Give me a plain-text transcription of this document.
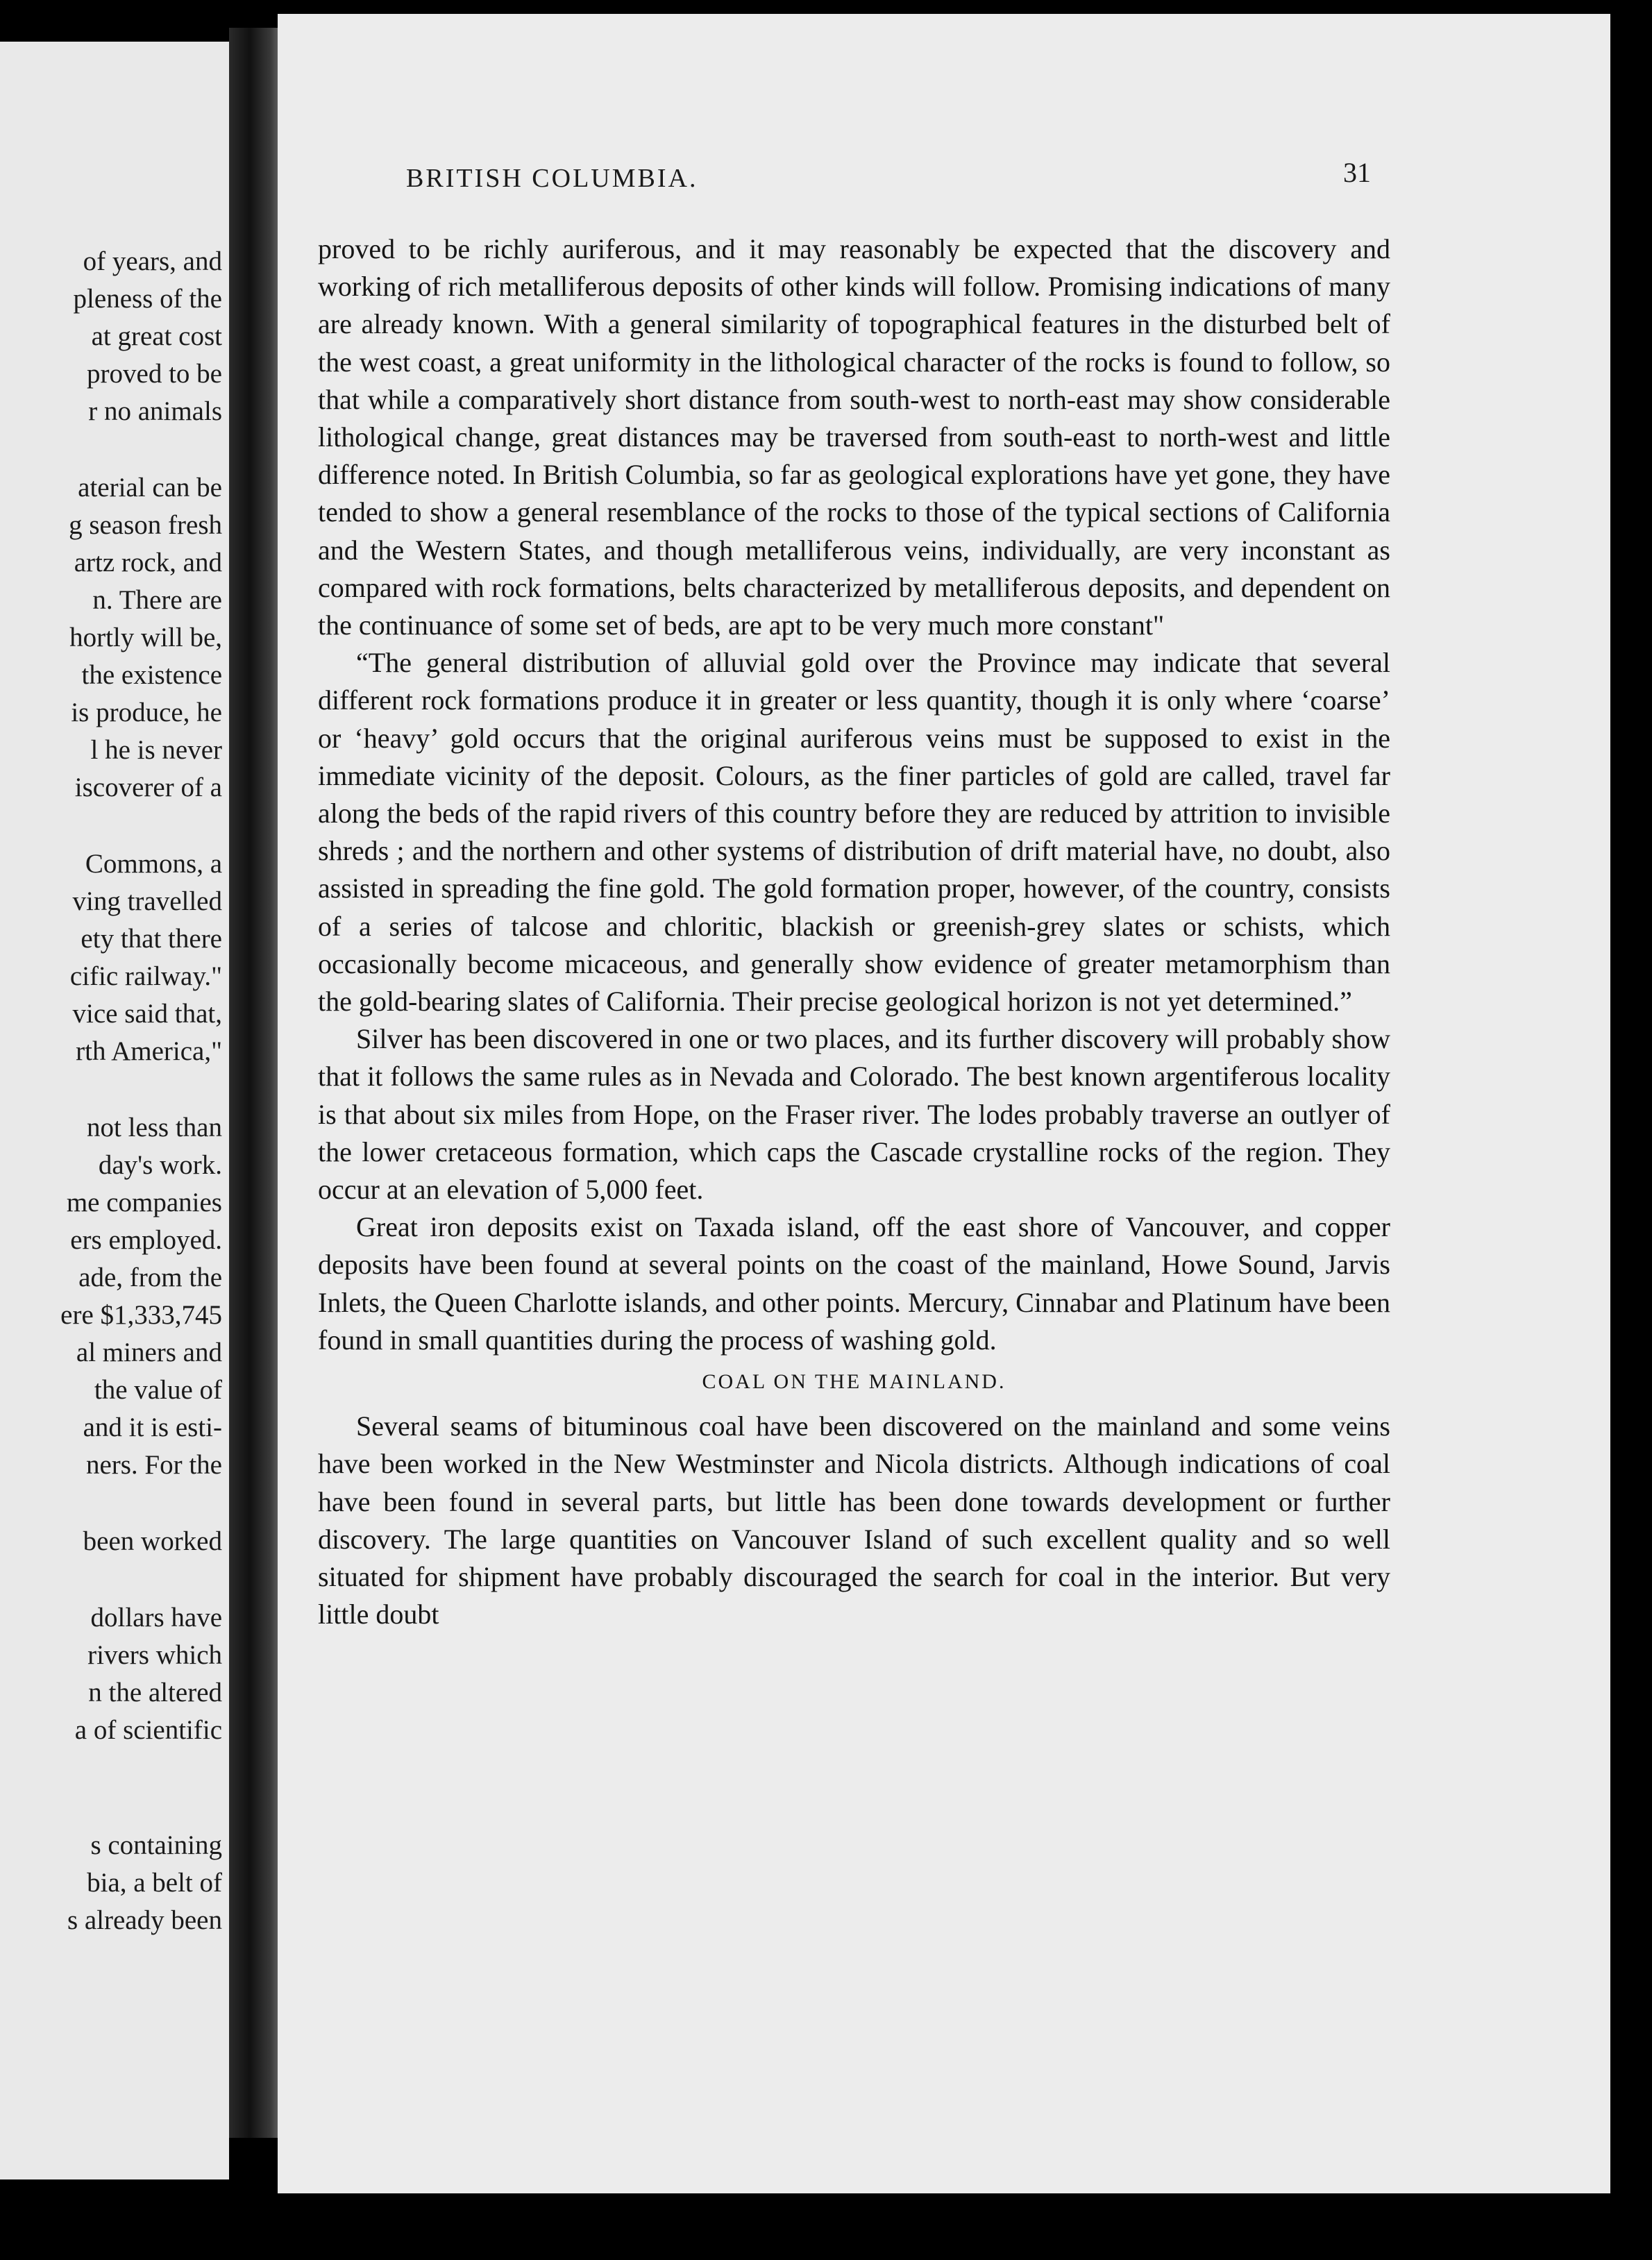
of years, and
pleness of the
at great cost
proved to be
r no animals
aterial can be
g season fresh
artz rock, and
n. There are
hortly will be,
the existence
is produce, he
l he is never
iscoverer of a
Commons, a
ving travelled
ety that there
cific railway."
vice said that,
rth America,"
not less than
day's work.
me companies
ers employed.
ade, from the
ere $1,333,745
al miners and
the value of
and it is esti-
ners. For the
been worked
dollars have
rivers which
n the altered
a of scientific
s containing
bia, a belt of
s already been
BRITISH COLUMBIA.	31

proved to be richly auriferous, and it may reasonably be expected that the discovery and working of rich metalliferous deposits of other kinds will follow. Promising indications of many are already known. With a general similarity of topographical features in the disturbed belt of the west coast, a great uniformity in the lithological character of the rocks is found to follow, so that while a comparatively short distance from south-west to north-east may show considerable lithological change, great distances may be traversed from south-east to north-west and little difference noted. In British Columbia, so far as geological explorations have yet gone, they have tended to show a general resemblance of the rocks to those of the typical sections of California and the Western States, and though metalliferous veins, individually, are very inconstant as compared with rock formations, belts characterized by metalliferous deposits, and dependent on the continuance of some set of beds, are apt to be very much more constant"

“The general distribution of alluvial gold over the Province may indicate that several different rock formations produce it in greater or less quantity, though it is only where ‘coarse’ or ‘heavy’ gold occurs that the original auriferous veins must be supposed to exist in the immediate vicinity of the deposit. Colours, as the finer particles of gold are called, travel far along the beds of the rapid rivers of this country before they are reduced by attrition to invisible shreds ; and the northern and other systems of distribution of drift material have, no doubt, also assisted in spreading the fine gold. The gold formation proper, however, of the country, consists of a series of talcose and chloritic, blackish or greenish-grey slates or schists, which occasionally become micaceous, and generally show evidence of greater metamorphism than the gold-bearing slates of California. Their precise geological horizon is not yet determined.”

Silver has been discovered in one or two places, and its further discovery will probably show that it follows the same rules as in Nevada and Colorado. The best known argentiferous locality is that about six miles from Hope, on the Fraser river. The lodes probably traverse an outlyer of the lower cretaceous formation, which caps the Cascade crystalline rocks of the region. They occur at an elevation of 5,000 feet.

Great iron deposits exist on Taxada island, off the east shore of Vancouver, and copper deposits have been found at several points on the coast of the mainland, Howe Sound, Jarvis Inlets, the Queen Charlotte islands, and other points. Mercury, Cinnabar and Platinum have been found in small quantities during the process of washing gold.

COAL ON THE MAINLAND.

Several seams of bituminous coal have been discovered on the mainland and some veins have been worked in the New Westminster and Nicola districts. Although indications of coal have been found in several parts, but little has been done towards development or further discovery. The large quantities on Vancouver Island of such excellent quality and so well situated for shipment have probably discouraged the search for coal in the interior. But very little doubt
